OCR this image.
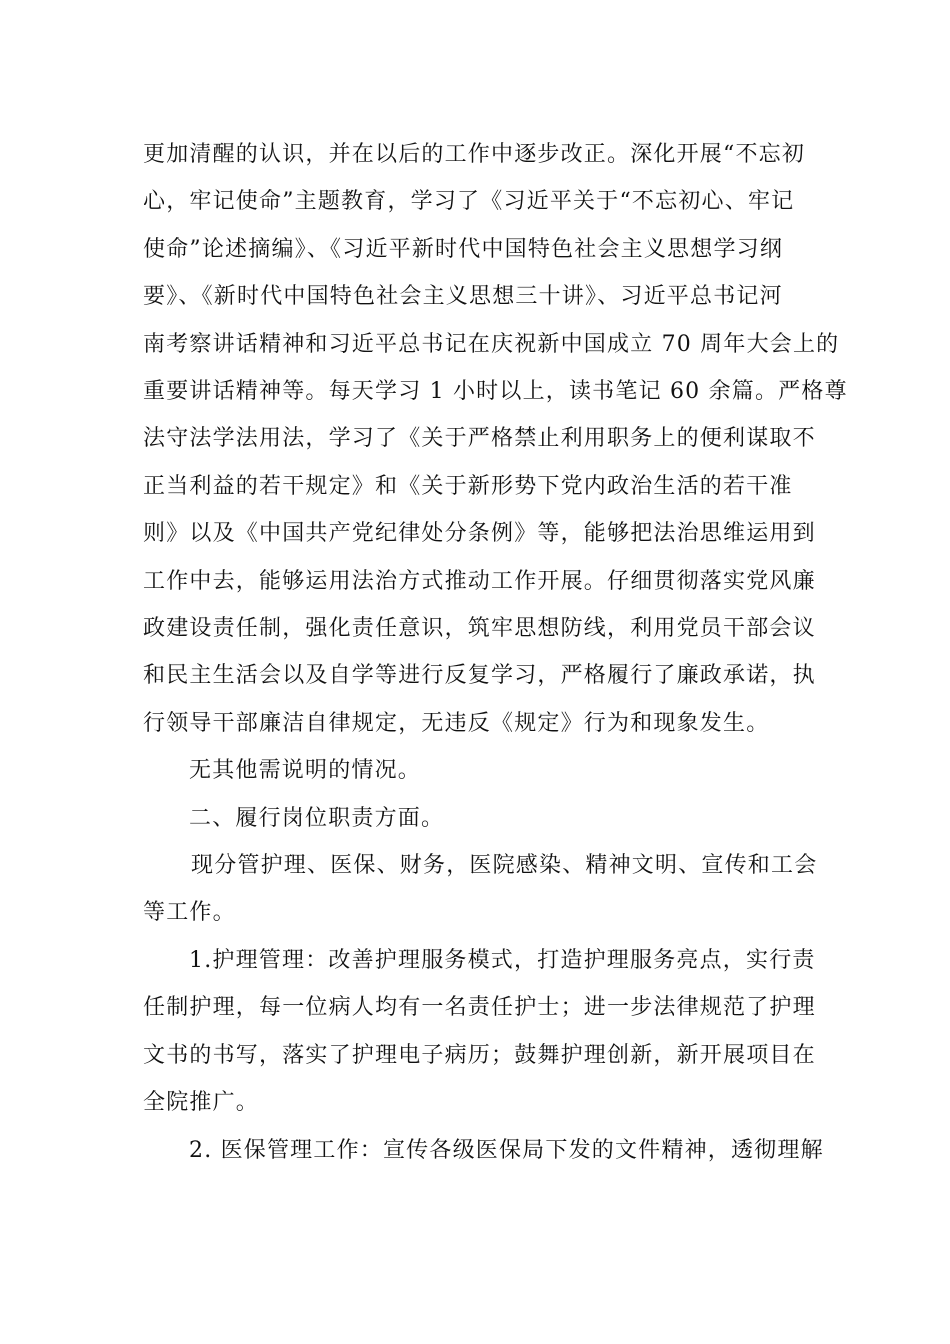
更加清醒的认识，并在以后的工作中逐步改正。深化开展“不忘初
心，牢记使命”主题教育，学习了《习近平关于“不忘初心、牢记
使命”论述摘编》、《习近平新时代中国特色社会主义思想学习纲
要》、《新时代中国特色社会主义思想三十讲》、习近平总书记河
南考察讲话精神和习近平总书记在庆祝新中国成立 70 周年大会上的
重要讲话精神等。每天学习 1 小时以上，读书笔记 60 余篇。严格尊
法守法学法用法，学习了《关于严格禁止利用职务上的便利谋取不
正当利益的若干规定》和《关于新形势下党内政治生活的若干准
则》以及《中国共产党纪律处分条例》等，能够把法治思维运用到
工作中去，能够运用法治方式推动工作开展。仔细贯彻落实党风廉
政建设责任制，强化责任意识，筑牢思想防线，利用党员干部会议
和民主生活会以及自学等进行反复学习，严格履行了廉政承诺，执
行领导干部廉洁自律规定，无违反《规定》行为和现象发生。
无其他需说明的情况。
二、履行岗位职责方面。
现分管护理、医保、财务，医院感染、精神文明、宣传和工会
等工作。
1.护理管理：改善护理服务模式，打造护理服务亮点，实行责
任制护理，每一位病人均有一名责任护士；进一步法律规范了护理
文书的书写，落实了护理电子病历；鼓舞护理创新，新开展项目在
全院推广。
2. 医保管理工作：宣传各级医保局下发的文件精神，透彻理解
